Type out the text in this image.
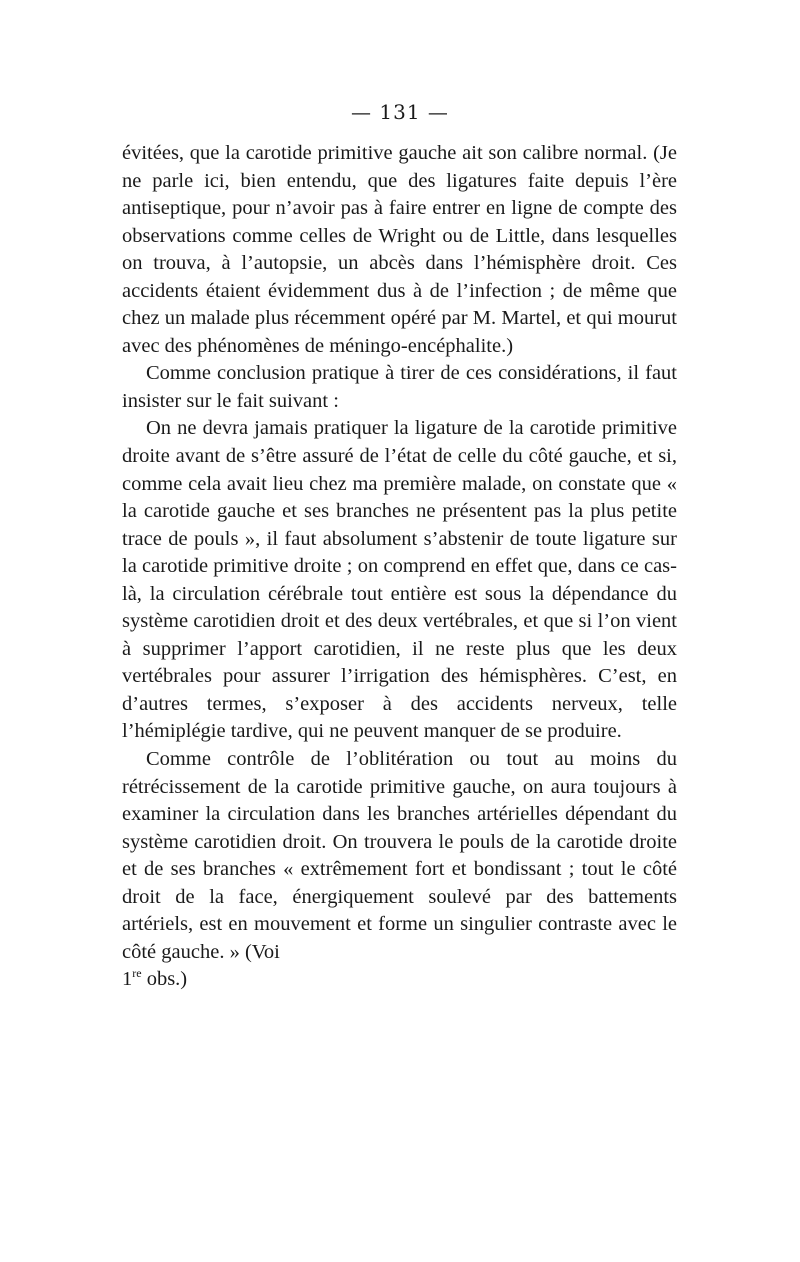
— 131 —

évitées, que la carotide primitive gauche ait son calibre normal. (Je ne parle ici, bien entendu, que des ligatures faite depuis l’ère antiseptique, pour n’avoir pas à faire entrer en ligne de compte des observations comme celles de Wright ou de Little, dans lesquelles on trouva, à l’autopsie, un abcès dans l’hémisphère droit. Ces accidents étaient évidemment dus à de l’infection ; de même que chez un malade plus récemment opéré par M. Martel, et qui mourut avec des phénomènes de méningo-encéphalite.)

Comme conclusion pratique à tirer de ces considérations, il faut insister sur le fait suivant :

On ne devra jamais pratiquer la ligature de la carotide primitive droite avant de s’être assuré de l’état de celle du côté gauche, et si, comme cela avait lieu chez ma première malade, on constate que « la carotide gauche et ses branches ne présentent pas la plus petite trace de pouls », il faut absolument s’abstenir de toute ligature sur la carotide primitive droite ; on comprend en effet que, dans ce cas-là, la circulation cérébrale tout entière est sous la dépendance du système carotidien droit et des deux vertébrales, et que si l’on vient à supprimer l’apport carotidien, il ne reste plus que les deux vertébrales pour assurer l’irrigation des hémisphères. C’est, en d’autres termes, s’exposer à des accidents nerveux, telle l’hémiplégie tardive, qui ne peuvent manquer de se produire.

Comme contrôle de l’oblitération ou tout au moins du rétrécissement de la carotide primitive gauche, on aura toujours à examiner la circulation dans les branches artérielles dépendant du système carotidien droit. On trouvera le pouls de la carotide droite et de ses branches « extrêmement fort et bondissant ; tout le côté droit de la face, énergiquement soulevé par des battements artériels, est en mouvement et forme un singulier contraste avec le côté gauche. » (Voi

1re obs.)
